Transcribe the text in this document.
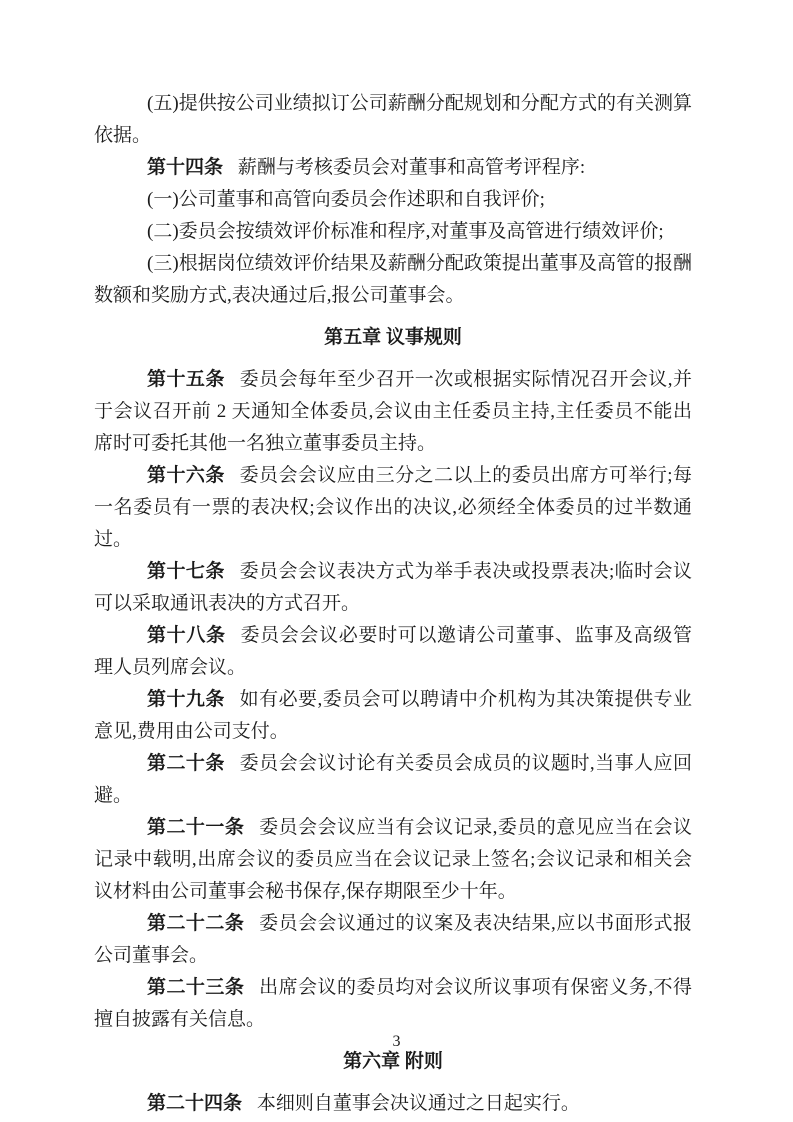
(五)提供按公司业绩拟订公司薪酬分配规划和分配方式的有关测算依据。

第十四条 薪酬与考核委员会对董事和高管考评程序:

(一)公司董事和高管向委员会作述职和自我评价;

(二)委员会按绩效评价标准和程序,对董事及高管进行绩效评价;

(三)根据岗位绩效评价结果及薪酬分配政策提出董事及高管的报酬数额和奖励方式,表决通过后,报公司董事会。

第五章 议事规则

第十五条 委员会每年至少召开一次或根据实际情况召开会议,并于会议召开前 2 天通知全体委员,会议由主任委员主持,主任委员不能出席时可委托其他一名独立董事委员主持。

第十六条 委员会会议应由三分之二以上的委员出席方可举行;每一名委员有一票的表决权;会议作出的决议,必须经全体委员的过半数通过。

第十七条 委员会会议表决方式为举手表决或投票表决;临时会议可以采取通讯表决的方式召开。

第十八条 委员会会议必要时可以邀请公司董事、监事及高级管理人员列席会议。

第十九条 如有必要,委员会可以聘请中介机构为其决策提供专业意见,费用由公司支付。

第二十条 委员会会议讨论有关委员会成员的议题时,当事人应回避。

第二十一条 委员会会议应当有会议记录,委员的意见应当在会议记录中载明,出席会议的委员应当在会议记录上签名;会议记录和相关会议材料由公司董事会秘书保存,保存期限至少十年。

第二十二条 委员会会议通过的议案及表决结果,应以书面形式报公司董事会。

第二十三条 出席会议的委员均对会议所议事项有保密义务,不得擅自披露有关信息。

第六章 附则

第二十四条 本细则自董事会决议通过之日起实行。

3
